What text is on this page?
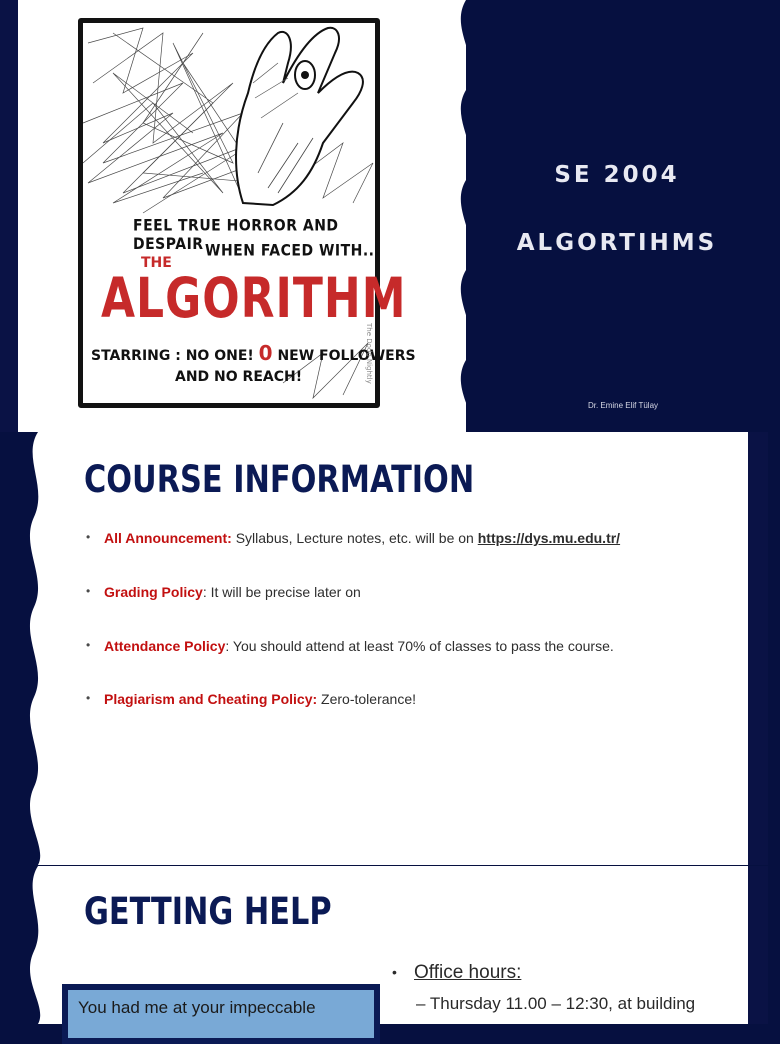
FEEL TRUE HORROR AND DESPAIR WHEN FACED WITH...
THE
ALGORITHM
STARRING : NO ONE! 0 NEW FOLLOWERS
AND NO REACH!	The Dodo Nightly
SE 2004
ALGORTIHMS
Dr. Emine Elif Tülay
COURSE INFORMATION
• All Announcement: Syllabus, Lecture notes, etc. will be on https://dys.mu.edu.tr/
• Grading Policy: It will be precise later on
• Attendance Policy: You should attend at least 70% of classes to pass the course.
• Plagiarism and Cheating Policy: Zero-tolerance!
GETTING HELP
You had me at your impeccable
• Office hours:
– Thursday 11.00 – 12:30, at building
